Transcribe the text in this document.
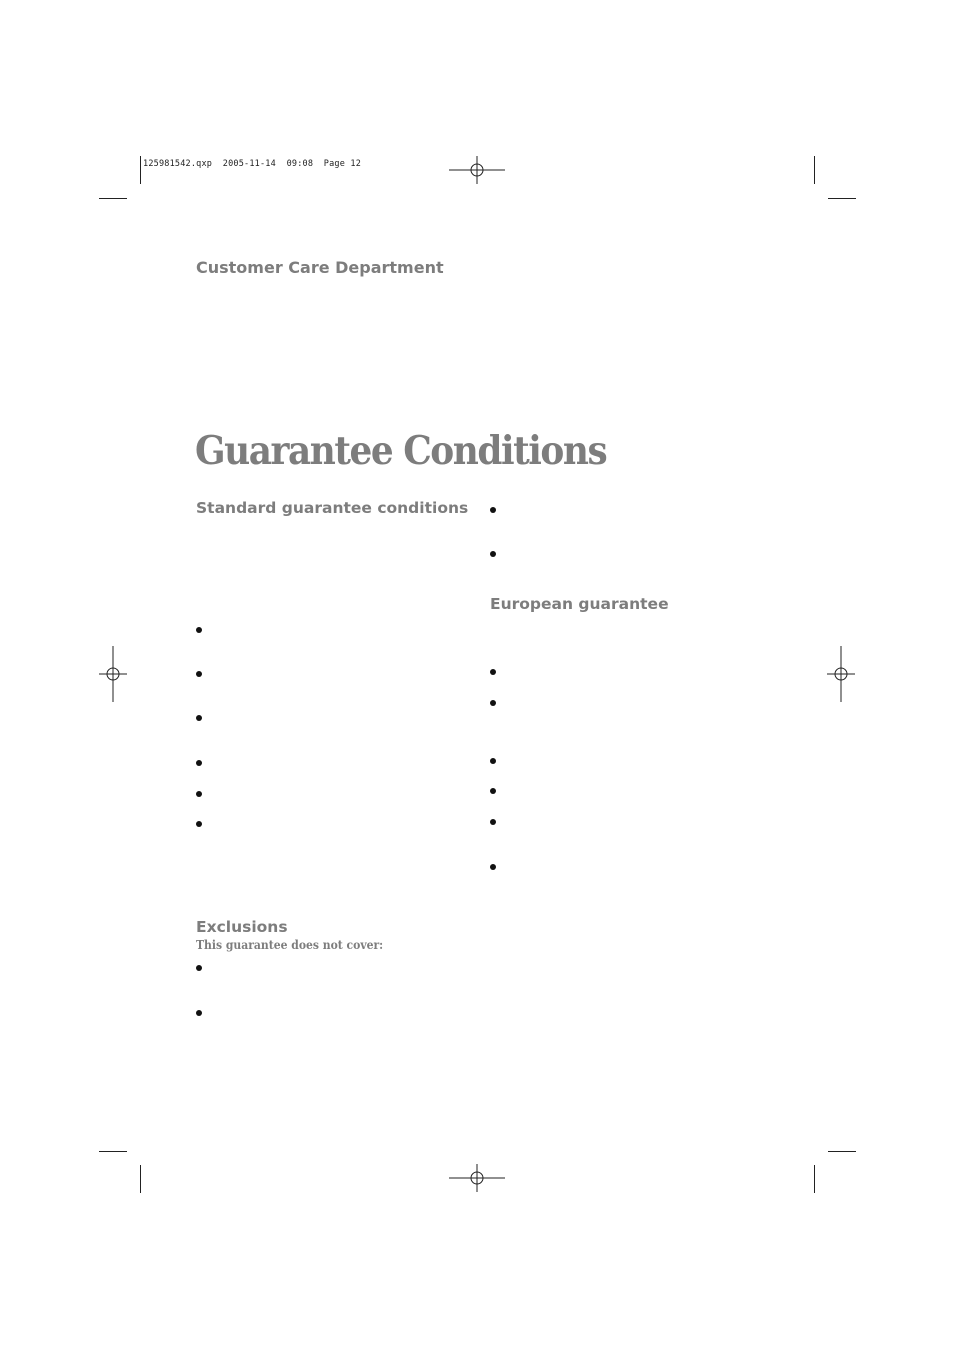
125981542.qxp  2005-11-14  09:08  Page 12
Customer Care Department
Guarantee Conditions
Standard guarantee conditions
Exclusions
This guarantee does not cover:
European guarantee
